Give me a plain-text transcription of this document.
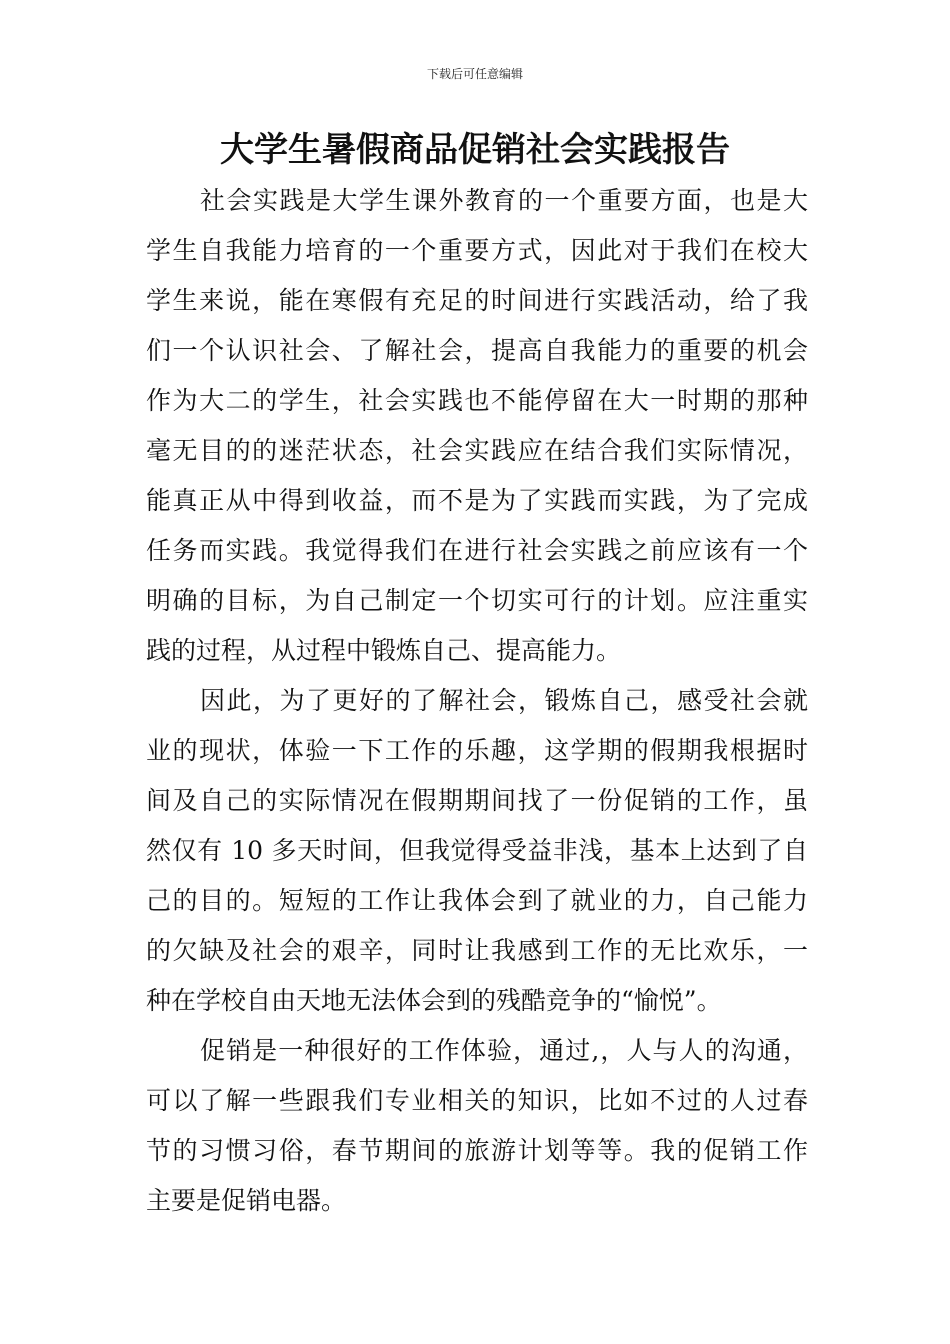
下载后可任意编辑
大学生暑假商品促销社会实践报告
社会实践是大学生课外教育的一个重要方面，也是大
学生自我能力培育的一个重要方式，因此对于我们在校大
学生来说，能在寒假有充足的时间进行实践活动，给了我
们一个认识社会、了解社会，提高自我能力的重要的机会
作为大二的学生，社会实践也不能停留在大一时期的那种
毫无目的的迷茫状态，社会实践应在结合我们实际情况，
能真正从中得到收益，而不是为了实践而实践，为了完成
任务而实践。我觉得我们在进行社会实践之前应该有一个
明确的目标，为自己制定一个切实可行的计划。应注重实
践的过程，从过程中锻炼自己、提高能力。
因此，为了更好的了解社会，锻炼自己，感受社会就
业的现状，体验一下工作的乐趣，这学期的假期我根据时
间及自己的实际情况在假期期间找了一份促销的工作，虽
然仅有 10 多天时间，但我觉得受益非浅，基本上达到了自
己的目的。短短的工作让我体会到了就业的力，自己能力
的欠缺及社会的艰辛，同时让我感到工作的无比欢乐，一
种在学校自由天地无法体会到的残酷竞争的“愉悦”。
促销是一种很好的工作体验，通过,，人与人的沟通，
可以了解一些跟我们专业相关的知识，比如不过的人过春
节的习惯习俗，春节期间的旅游计划等等。我的促销工作
主要是促销电器。
